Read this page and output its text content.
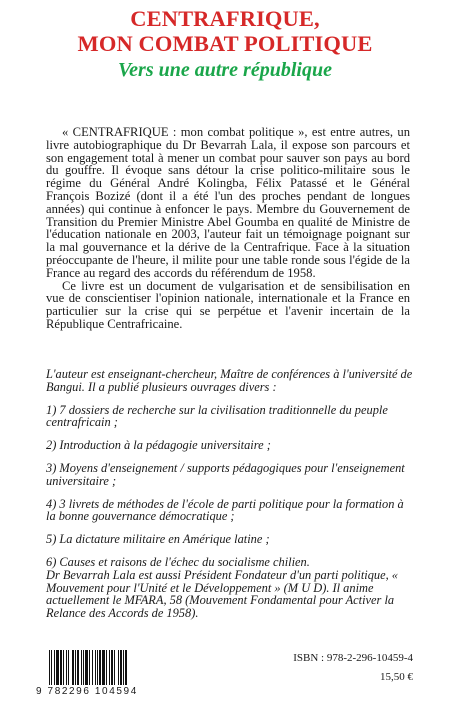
CENTRAFRIQUE,
MON COMBAT POLITIQUE
Vers une autre république

« CENTRAFRIQUE : mon combat politique », est entre autres, un livre autobiographique du Dr Bevarrah Lala, il expose son parcours et son engagement total à mener un combat pour sauver son pays au bord du gouffre. Il évoque sans détour la crise politico-militaire sous le régime du Général André Kolingba, Félix Patassé et le Général François Bozizé (dont il a été l'un des proches pendant de longues années) qui continue à enfoncer le pays. Membre du Gouvernement de Transition du Premier Ministre Abel Goumba en qualité de Ministre de l'éducation nationale en 2003, l'auteur fait un témoignage poignant sur la mal gouvernance et la dérive de la Centrafrique. Face à la situation préoccupante de l'heure, il milite pour une table ronde sous l'égide de la France au regard des accords du référendum de 1958.

Ce livre est un document de vulgarisation et de sensibilisation en vue de conscientiser l'opinion nationale, internationale et la France en particulier sur la crise qui se perpétue et l'avenir incertain de la République Centrafricaine.

L'auteur est enseignant-chercheur, Maître de conférences à l'université de Bangui. Il a publié plusieurs ouvrages divers :

1) 7 dossiers de recherche sur la civilisation traditionnelle du peuple centrafricain ;

2) Introduction à la pédagogie universitaire ;

3) Moyens d'enseignement / supports pédagogiques pour l'enseignement universitaire ;

4) 3 livrets de méthodes de l'école de parti politique pour la formation à la bonne gouvernance démocratique ;

5) La dictature militaire en Amérique latine ;

6) Causes et raisons de l'échec du socialisme chilien.

Dr Bevarrah Lala est aussi Président Fondateur d'un parti politique, « Mouvement pour l'Unité et le Développement » (M U D). Il anime actuellement le MFARA, 58 (Mouvement Fondamental pour Activer la Relance des Accords de 1958).

9 782296 104594
ISBN : 978-2-296-10459-4
15,50 €
